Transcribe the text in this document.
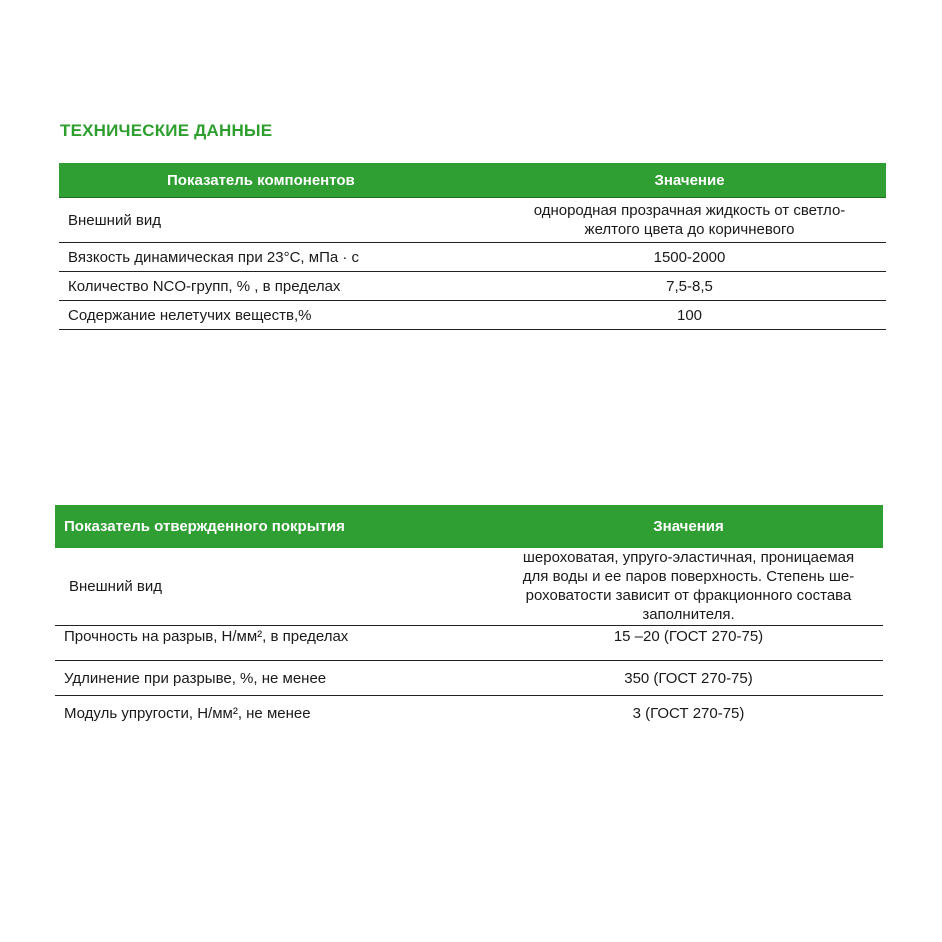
ТЕХНИЧЕСКИЕ ДАННЫЕ
Показатель компонентов	Значение
Внешний вид	однородная прозрачная жидкость от светло-
желтого цвета до коричневого

Вязкость динамическая при 23°С, мПа · с	1500-2000
Количество NCO-групп, % , в пределах	7,5-8,5
Содержание нелетучих веществ,%	100
Показатель отвержденного покрытия	Значения
Внешний вид	шероховатая, упруго-эластичная, проницаемая
для воды и ее паров поверхность. Степень ше-
роховатости зависит от фракционного состава
заполнителя.

Прочность на разрыв, Н/мм², в пределах	15 –20 (ГОСТ 270-75)
Удлинение при разрыве, %, не менее	350 (ГОСТ 270-75)
Модуль упругости, Н/мм², не менее	3 (ГОСТ 270-75)
